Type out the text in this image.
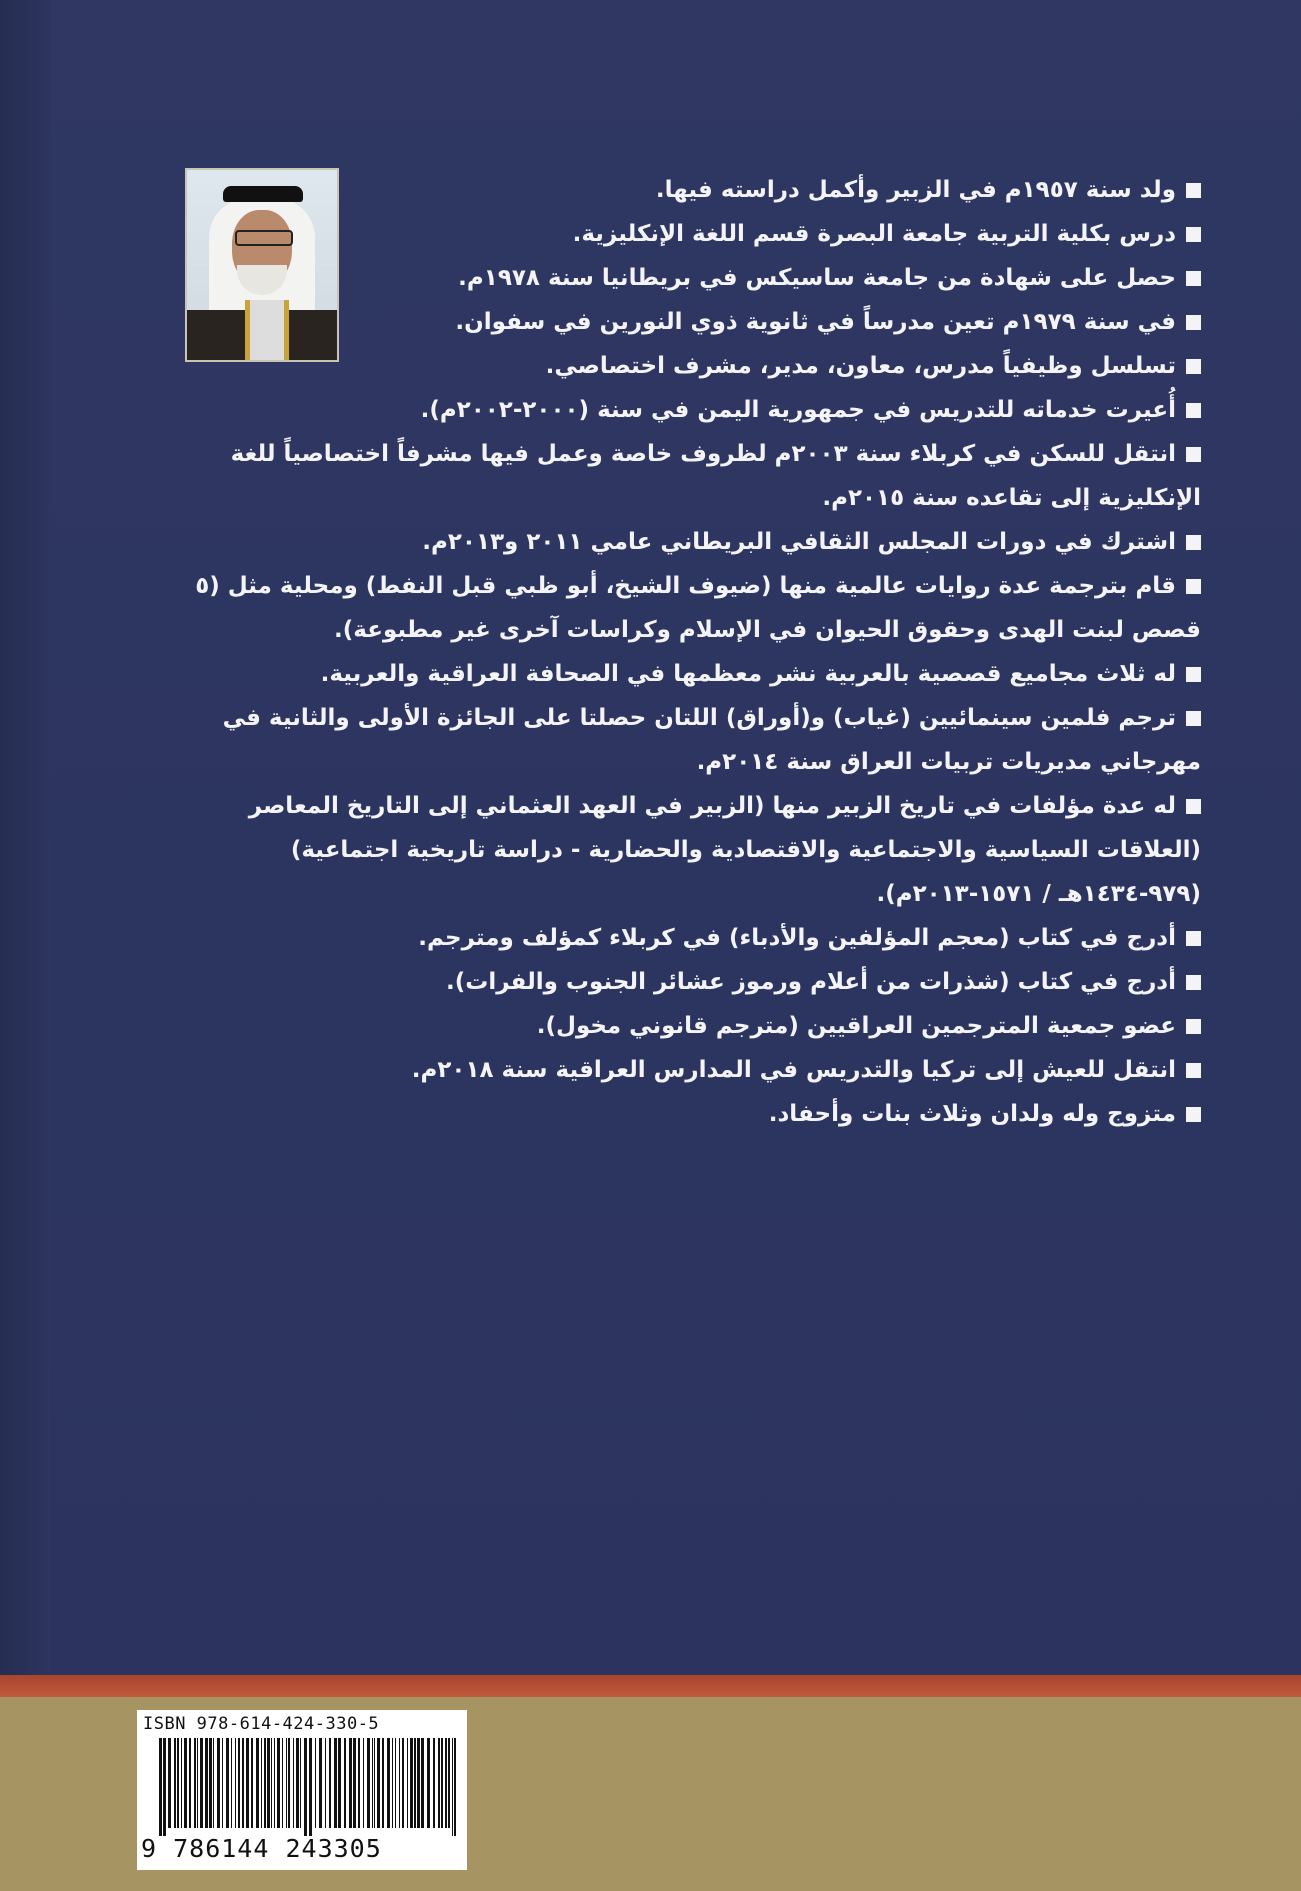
ولد سنة ١٩٥٧م في الزبير وأكمل دراسته فيها.

درس بكلية التربية جامعة البصرة قسم اللغة الإنكليزية.

حصل على شهادة من جامعة ساسيكس في بريطانيا سنة ١٩٧٨م.

في سنة ١٩٧٩م تعين مدرساً في ثانوية ذوي النورين في سفوان.

تسلسل وظيفياً مدرس، معاون، مدير، مشرف اختصاصي.

أُعيرت خدماته للتدريس في جمهورية اليمن في سنة (٢٠٠٠-٢٠٠٢م).

انتقل للسكن في كربلاء سنة ٢٠٠٣م لظروف خاصة وعمل فيها مشرفاً اختصاصياً للغة الإنكليزية إلى تقاعده سنة ٢٠١٥م.

اشترك في دورات المجلس الثقافي البريطاني عامي ٢٠١١ و٢٠١٣م.

قام بترجمة عدة روايات عالمية منها (ضيوف الشيخ، أبو ظبي قبل النفط) ومحلية مثل (٥ قصص لبنت الهدى وحقوق الحيوان في الإسلام وكراسات آخرى غير مطبوعة).

له ثلاث مجاميع قصصية بالعربية نشر معظمها في الصحافة العراقية والعربية.

ترجم فلمين سينمائيين (غياب) و(أوراق) اللتان حصلتا على الجائزة الأولى والثانية في مهرجاني مديريات تربيات العراق سنة ٢٠١٤م.

له عدة مؤلفات في تاريخ الزبير منها (الزبير في العهد العثماني إلى التاريخ المعاصر (العلاقات السياسية والاجتماعية والاقتصادية والحضارية - دراسة تاريخية اجتماعية) (٩٧٩-١٤٣٤هـ / ١٥٧١-٢٠١٣م).

أدرج في كتاب (معجم المؤلفين والأدباء) في كربلاء كمؤلف ومترجم.

أدرج في كتاب (شذرات من أعلام ورموز عشائر الجنوب والفرات).

عضو جمعية المترجمين العراقيين (مترجم قانوني مخول).

انتقل للعيش إلى تركيا والتدريس في المدارس العراقية سنة ٢٠١٨م.

متزوج وله ولدان وثلاث بنات وأحفاد.

ISBN 978-614-424-330-5
9 786144 243305
